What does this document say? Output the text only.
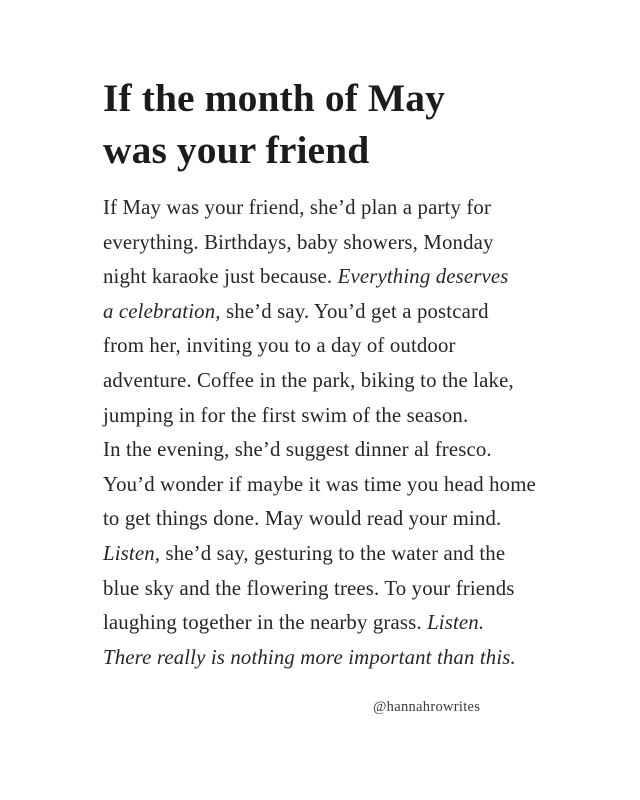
If the month of May
was your friend
If May was your friend, she’d plan a party for
everything. Birthdays, baby showers, Monday
night karaoke just because. Everything deserves
a celebration, she’d say. You’d get a postcard
from her, inviting you to a day of outdoor
adventure. Coffee in the park, biking to the lake,
jumping in for the first swim of the season.
In the evening, she’d suggest dinner al fresco.
You’d wonder if maybe it was time you head home
to get things done. May would read your mind.
Listen, she’d say, gesturing to the water and the
blue sky and the flowering trees. To your friends
laughing together in the nearby grass. Listen.
There really is nothing more important than this.

@hannahrowrites
